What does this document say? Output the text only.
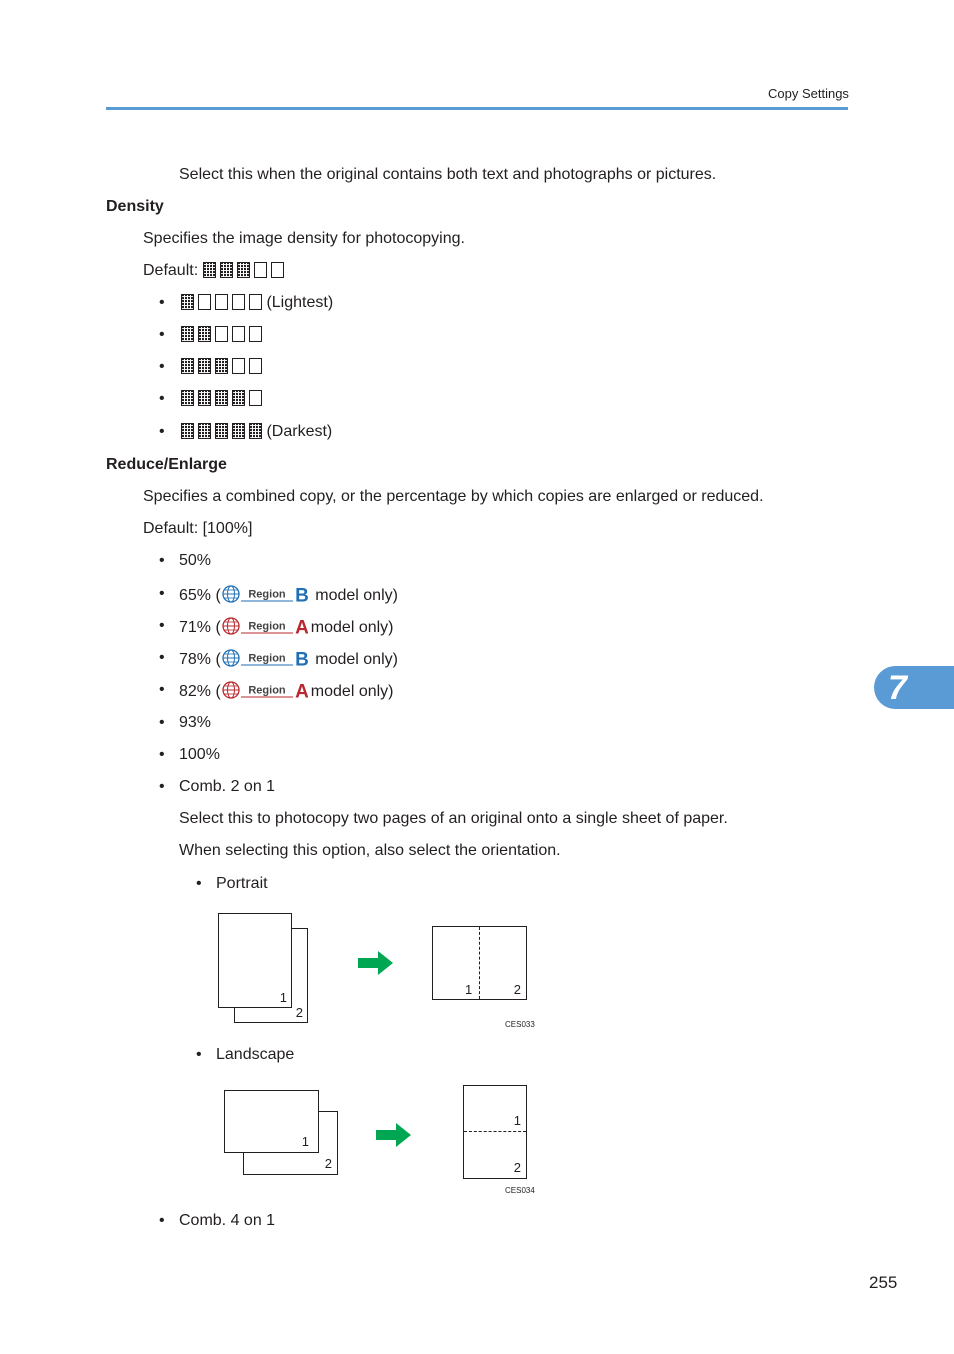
Copy Settings
7
Select this when the original contains both text and photographs or pictures.
Density
Specifies the image density for photocopying.
Default:
•	(Lightest)
•
•
•
•	(Darkest)
Reduce/Enlarge
Specifies a combined copy, or the percentage by which copies are enlarged or reduced.
Default: [100%]
• 50%
• 65% ( Region B model only)
• 71% ( Region A model only)
• 78% ( Region B model only)
• 82% ( Region A model only)
• 93%
• 100%
• Comb. 2 on 1
Select this to photocopy two pages of an original onto a single sheet of paper.
When selecting this option, also select the orientation.
• Portrait
2
1
1	2
CES033
• Landscape
2
1
1
2
CES034
• Comb. 4 on 1
255
